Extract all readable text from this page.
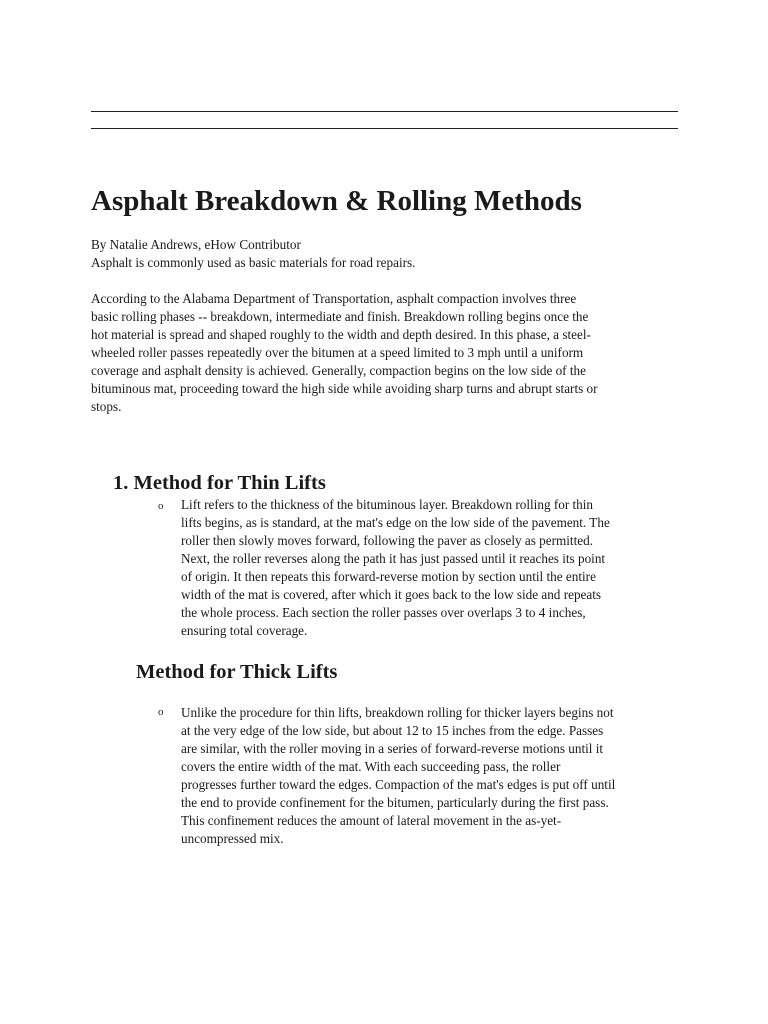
Asphalt Breakdown & Rolling Methods

By Natalie Andrews, eHow Contributor

Asphalt is commonly used as basic materials for road repairs.

According to the Alabama Department of Transportation, asphalt compaction involves three
basic rolling phases -- breakdown, intermediate and finish. Breakdown rolling begins once the
hot material is spread and shaped roughly to the width and depth desired. In this phase, a steel-
wheeled roller passes repeatedly over the bitumen at a speed limited to 3 mph until a uniform
coverage and asphalt density is achieved. Generally, compaction begins on the low side of the
bituminous mat, proceeding toward the high side while avoiding sharp turns and abrupt starts or
stops.

1. Method for Thin Lifts
o Lift refers to the thickness of the bituminous layer. Breakdown rolling for thin
lifts begins, as is standard, at the mat's edge on the low side of the pavement. The
roller then slowly moves forward, following the paver as closely as permitted.
Next, the roller reverses along the path it has just passed until it reaches its point
of origin. It then repeats this forward-reverse motion by section until the entire
width of the mat is covered, after which it goes back to the low side and repeats
the whole process. Each section the roller passes over overlaps 3 to 4 inches,
ensuring total coverage.

Method for Thick Lifts
o Unlike the procedure for thin lifts, breakdown rolling for thicker layers begins not
at the very edge of the low side, but about 12 to 15 inches from the edge. Passes
are similar, with the roller moving in a series of forward-reverse motions until it
covers the entire width of the mat. With each succeeding pass, the roller
progresses further toward the edges. Compaction of the mat's edges is put off until
the end to provide confinement for the bitumen, particularly during the first pass.
This confinement reduces the amount of lateral movement in the as-yet-
uncompressed mix.
